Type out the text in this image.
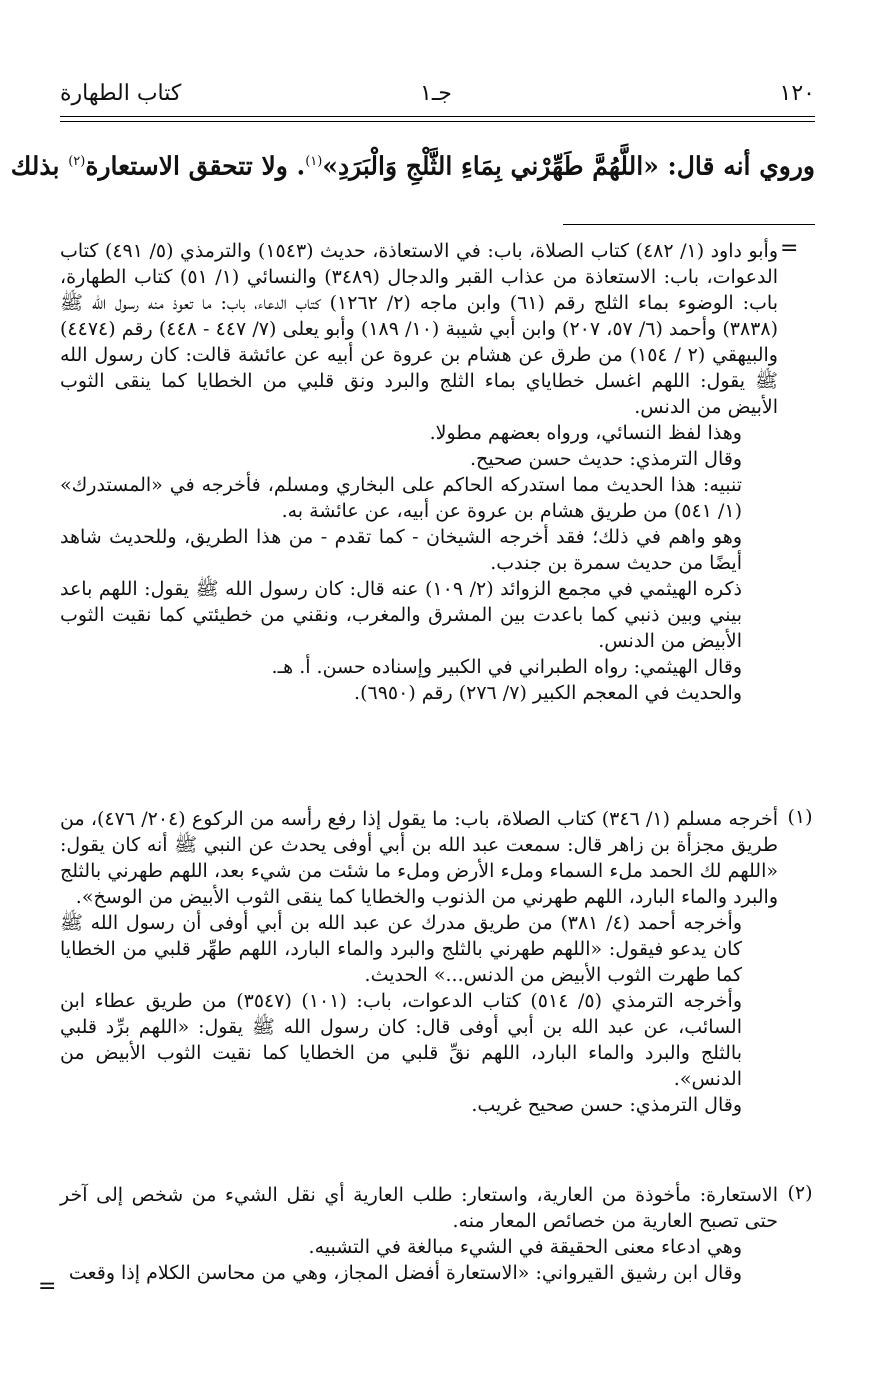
١٢٠
جـ١
كتاب الطهارة
وروي أنه قال: «اللَّهُمَّ طَهِّرْني بِمَاءِ الثَّلْجِ وَالْبَرَدِ»$^{(١)}$. ولا تتحقق الاستعارة$^{(٢)}$ بذلك
=

وأبو داود (١/ ٤٨٢) كتاب الصلاة، باب: في الاستعاذة، حديث (١٥٤٣) والترمذي (٥/ ٤٩١) كتاب الدعوات، باب: الاستعاذة من عذاب القبر والدجال (٣٤٨٩) والنسائي (١/ ٥١) كتاب الطهارة، باب: الوضوء بماء الثلج رقم (٦١) وابن ماجه (٢/ ١٢٦٢) كتاب الدعاء، باب: ما تعوذ منه رسول الله ﷺ (٣٨٣٨) وأحمد (٦/ ٥٧، ٢٠٧) وابن أبي شيبة (١٠/ ١٨٩) وأبو يعلى (٧/ ٤٤٧ - ٤٤٨) رقم (٤٤٧٤) والبيهقي (٢ / ١٥٤) من طرق عن هشام بن عروة عن أبيه عن عائشة قالت: كان رسول الله ﷺ يقول: اللهم اغسل خطاياي بماء الثلج والبرد ونق قلبي من الخطايا كما ينقى الثوب الأبيض من الدنس.

وهذا لفظ النسائي، ورواه بعضهم مطولا.

وقال الترمذي: حديث حسن صحيح.

تنبيه: هذا الحديث مما استدركه الحاكم على البخاري ومسلم، فأخرجه في «المستدرك» (١/ ٥٤١) من طريق هشام بن عروة عن أبيه، عن عائشة به.

وهو واهم في ذلك؛ فقد أخرجه الشيخان - كما تقدم - من هذا الطريق، وللحديث شاهد أيضًا من حديث سمرة بن جندب.

ذكره الهيثمي في مجمع الزوائد (٢/ ١٠٩) عنه قال: كان رسول الله ﷺ يقول: اللهم باعد بيني وبين ذنبي كما باعدت بين المشرق والمغرب، ونقني من خطيئتي كما نقيت الثوب الأبيض من الدنس.

وقال الهيثمي: رواه الطبراني في الكبير وإسناده حسن. أ. هـ.

والحديث في المعجم الكبير (٧/ ٢٧٦) رقم (٦٩٥٠).

(١)

أخرجه مسلم (١/ ٣٤٦) كتاب الصلاة، باب: ما يقول إذا رفع رأسه من الركوع (٢٠٤/ ٤٧٦)، من طريق مجزأة بن زاهر قال: سمعت عبد الله بن أبي أوفى يحدث عن النبي ﷺ أنه كان يقول: «اللهم لك الحمد ملء السماء وملء الأرض وملء ما شئت من شيء بعد، اللهم طهرني بالثلج والبرد والماء البارد، اللهم طهرني من الذنوب والخطايا كما ينقى الثوب الأبيض من الوسخ».

وأخرجه أحمد (٤/ ٣٨١) من طريق مدرك عن عبد الله بن أبي أوفى أن رسول الله ﷺ كان يدعو فيقول: «اللهم طهرني بالثلج والبرد والماء البارد، اللهم طهِّر قلبي من الخطايا كما طهرت الثوب الأبيض من الدنس...» الحديث.

وأخرجه الترمذي (٥/ ٥١٤) كتاب الدعوات، باب: (١٠١) (٣٥٤٧) من طريق عطاء ابن السائب، عن عبد الله بن أبي أوفى قال: كان رسول الله ﷺ يقول: «اللهم برِّد قلبي بالثلج والبرد والماء البارد، اللهم نقِّ قلبي من الخطايا كما نقيت الثوب الأبيض من الدنس».

وقال الترمذي: حسن صحيح غريب.

(٢)

الاستعارة: مأخوذة من العارية، واستعار: طلب العارية أي نقل الشيء من شخص إلى آخر حتى تصبح العارية من خصائص المعار منه.

وهي ادعاء معنى الحقيقة في الشيء مبالغة في التشبيه.

وقال ابن رشيق القيرواني: «الاستعارة أفضل المجاز، وهي من محاسن الكلام إذا وقعت

=
